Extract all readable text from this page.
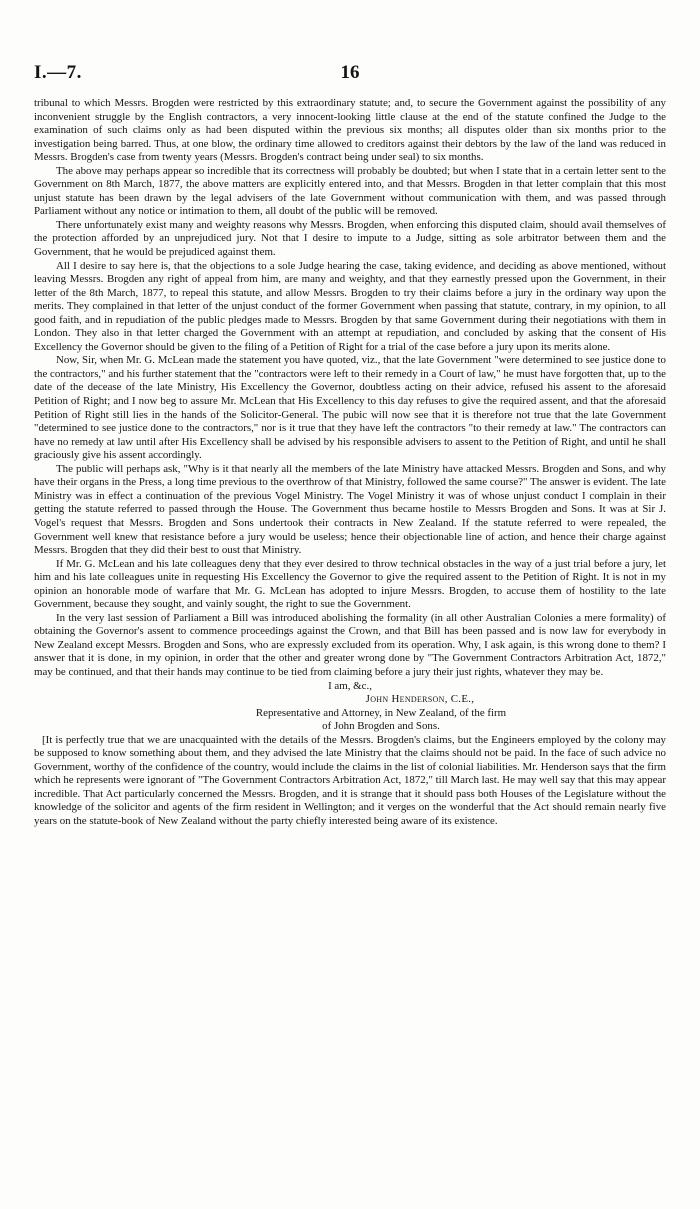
I.—7.	16

tribunal to which Messrs. Brogden were restricted by this extraordinary statute; and, to secure the Government against the possibility of any inconvenient struggle by the English contractors, a very innocent-looking little clause at the end of the statute confined the Judge to the examination of such claims only as had been disputed within the previous six months; all disputes older than six months prior to the investigation being barred. Thus, at one blow, the ordinary time allowed to creditors against their debtors by the law of the land was reduced in Messrs. Brogden's case from twenty years (Messrs. Brogden's contract being under seal) to six months.

The above may perhaps appear so incredible that its correctness will probably be doubted; but when I state that in a certain letter sent to the Government on 8th March, 1877, the above matters are explicitly entered into, and that Messrs. Brogden in that letter complain that this most unjust statute has been drawn by the legal advisers of the late Government without communication with them, and was passed through Parliament without any notice or intimation to them, all doubt of the public will be removed.

There unfortunately exist many and weighty reasons why Messrs. Brogden, when enforcing this disputed claim, should avail themselves of the protection afforded by an unprejudiced jury. Not that I desire to impute to a Judge, sitting as sole arbitrator between them and the Government, that he would be prejudiced against them.

All I desire to say here is, that the objections to a sole Judge hearing the case, taking evidence, and deciding as above mentioned, without leaving Messrs. Brogden any right of appeal from him, are many and weighty, and that they earnestly pressed upon the Government, in their letter of the 8th March, 1877, to repeal this statute, and allow Messrs. Brogden to try their claims before a jury in the ordinary way upon the merits. They complained in that letter of the unjust conduct of the former Government when passing that statute, contrary, in my opinion, to all good faith, and in repudiation of the public pledges made to Messrs. Brogden by that same Government during their negotiations with them in London. They also in that letter charged the Government with an attempt at repudiation, and concluded by asking that the consent of His Excellency the Governor should be given to the filing of a Petition of Right for a trial of the case before a jury upon its merits alone.

Now, Sir, when Mr. G. McLean made the statement you have quoted, viz., that the late Government "were determined to see justice done to the contractors," and his further statement that the "contractors were left to their remedy in a Court of law," he must have forgotten that, up to the date of the decease of the late Ministry, His Excellency the Governor, doubtless acting on their advice, refused his assent to the aforesaid Petition of Right; and I now beg to assure Mr. McLean that His Excellency to this day refuses to give the required assent, and that the aforesaid Petition of Right still lies in the hands of the Solicitor-General. The pubic will now see that it is therefore not true that the late Government "determined to see justice done to the contractors," nor is it true that they have left the contractors "to their remedy at law." The contractors can have no remedy at law until after His Excellency shall be advised by his responsible advisers to assent to the Petition of Right, and until he shall graciously give his assent accordingly.

The public will perhaps ask, "Why is it that nearly all the members of the late Ministry have attacked Messrs. Brogden and Sons, and why have their organs in the Press, a long time previous to the overthrow of that Ministry, followed the same course?" The answer is evident. The late Ministry was in effect a continuation of the previous Vogel Ministry. The Vogel Ministry it was of whose unjust conduct I complain in their getting the statute referred to passed through the House. The Government thus became hostile to Messrs Brogden and Sons. It was at Sir J. Vogel's request that Messrs. Brogden and Sons undertook their contracts in New Zealand. If the statute referred to were repealed, the Government well knew that resistance before a jury would be useless; hence their objectionable line of action, and hence their charge against Messrs. Brogden that they did their best to oust that Ministry.

If Mr. G. McLean and his late colleagues deny that they ever desired to throw technical obstacles in the way of a just trial before a jury, let him and his late colleagues unite in requesting His Excellency the Governor to give the required assent to the Petition of Right. It is not in my opinion an honorable mode of warfare that Mr. G. McLean has adopted to injure Messrs. Brogden, to accuse them of hostility to the late Government, because they sought, and vainly sought, the right to sue the Government.

In the very last session of Parliament a Bill was introduced abolishing the formality (in all other Australian Colonies a mere formality) of obtaining the Governor's assent to commence proceedings against the Crown, and that Bill has been passed and is now law for everybody in New Zealand except Messrs. Brogden and Sons, who are expressly excluded from its operation. Why, I ask again, is this wrong done to them? I answer that it is done, in my opinion, in order that the other and greater wrong done by "The Government Contractors Arbitration Act, 1872," may be continued, and that their hands may continue to be tied from claiming before a jury their just rights, whatever they may be.

I am, &c.,
John Henderson, C.E.,
Representative and Attorney, in New Zealand, of the firm
of John Brogden and Sons.

[It is perfectly true that we are unacquainted with the details of the Messrs. Brogden's claims, but the Engineers employed by the colony may be supposed to know something about them, and they advised the late Ministry that the claims should not be paid. In the face of such advice no Government, worthy of the confidence of the country, would include the claims in the list of colonial liabilities. Mr. Henderson says that the firm which he represents were ignorant of "The Government Contractors Arbitration Act, 1872," till March last. He may well say that this may appear incredible. That Act particularly concerned the Messrs. Brogden, and it is strange that it should pass both Houses of the Legislature without the knowledge of the solicitor and agents of the firm resident in Wellington; and it verges on the wonderful that the Act should remain nearly five years on the statute-book of New Zealand without the party chiefly interested being aware of its existence.
